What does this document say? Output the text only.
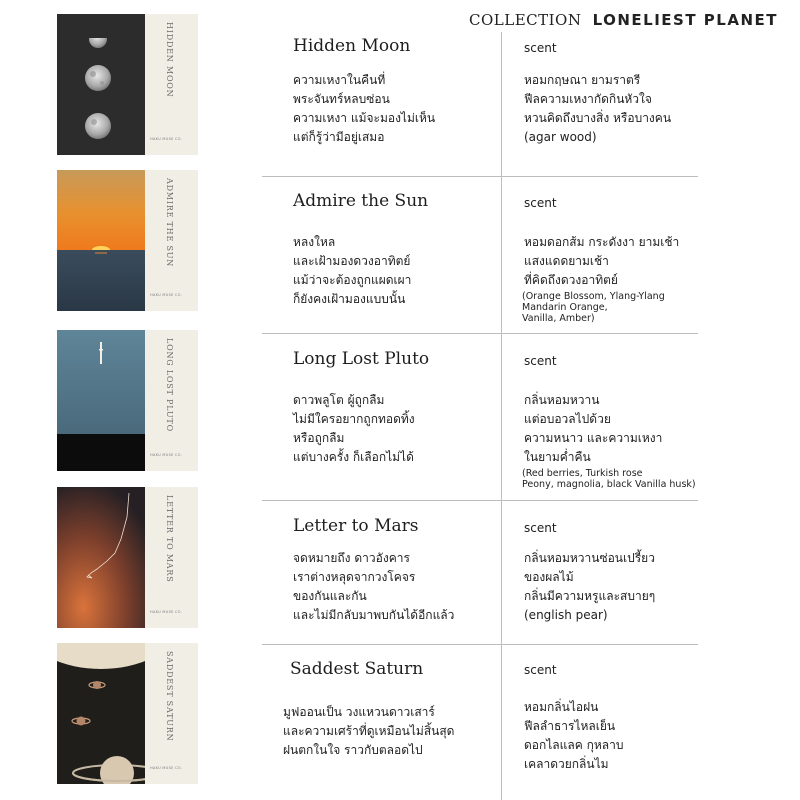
COLLECTION LONELIEST PLANET
HIDDEN MOON
HAKU MUSE CO.
Hidden Moon
ความเหงาในคืนที่
พระจันทร์หลบซ่อน
ความเหงา แม้จะมองไม่เห็น
แต่ก็รู้ว่ามีอยู่เสมอ
scent
หอมกฤษณา ยามราตรี
ฟีลความเหงากัดกินหัวใจ
หวนคิดถึงบางสิ่ง หรือบางคน
(agar wood)
ADMIRE THE SUN
HAKU MUSE CO.
Admire the Sun
หลงใหล
และเฝ้ามองดวงอาทิตย์
แม้ว่าจะต้องถูกแผดเผา
ก็ยังคงเฝ้ามองแบบนั้น
scent
หอมดอกส้ม กระดังงา ยามเช้า
แสงแดดยามเช้า
ที่คิดถึงดวงอาทิตย์
(Orange Blossom, Ylang-Ylang
Mandarin Orange,
Vanilla, Amber)
LONG LOST PLUTO
HAKU MUSE CO.
Long Lost Pluto
ดาวพลูโต ผู้ถูกลืม
ไม่มีใครอยากถูกทอดทิ้ง
หรือถูกลืม
แต่บางครั้ง ก็เลือกไม่ได้
scent
กลิ่นหอมหวาน
แต่อบอวลไปด้วย
ความหนาว และความเหงา
ในยามค่ำคืน
(Red berries, Turkish rose
Peony, magnolia, black Vanilla husk)
LETTER TO MARS
HAKU MUSE CO.
Letter to Mars
จดหมายถึง ดาวอังคาร
เราต่างหลุดจากวงโคจร
ของกันและกัน
และไม่มีกลับมาพบกันได้อีกแล้ว
scent
กลิ่นหอมหวานซ่อนเปรี้ยว
ของผลไม้
กลิ่นมีความหรูและสบายๆ
(english pear)
SADDEST SATURN
HAKU MUSE CO.
Saddest Saturn
มูฟออนเป็น วงแหวนดาวเสาร์
และความเศร้าที่ดูเหมือนไม่สิ้นสุด
ฝนตกในใจ ราวกับตลอดไป
scent
หอมกลิ่นไอฝน
ฟีลลำธารไหลเย็น
ดอกไลแลค กุหลาบ
เคลาดวยกลิ่นไม
